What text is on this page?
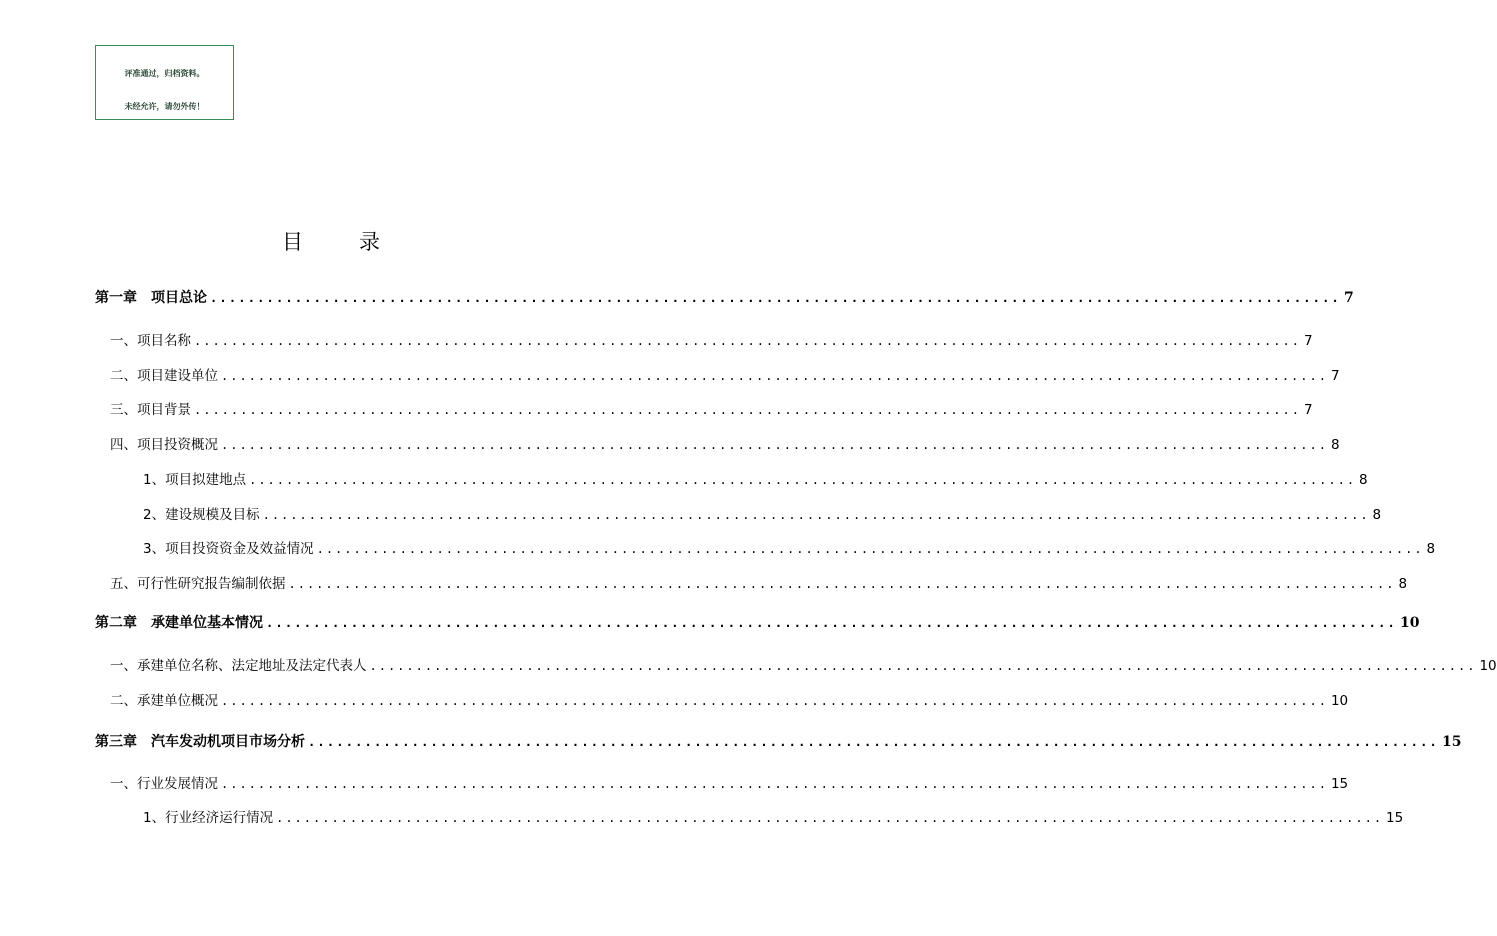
评准通过，归档资料。
未经允许，请勿外传！
目	录
第一章　项目总论 ........................................................................................................................ 7
一、项目名称 ........................................................................................................................ 7
二、项目建设单位 ........................................................................................................................ 7
三、项目背景 ........................................................................................................................ 7
四、项目投资概况 ........................................................................................................................ 8
1、项目拟建地点 ........................................................................................................................ 8
2、建设规模及目标 ........................................................................................................................ 8
3、项目投资资金及效益情况 ........................................................................................................................ 8
五、可行性研究报告编制依据 ........................................................................................................................ 8
第二章　承建单位基本情况 ........................................................................................................................ 10
一、承建单位名称、法定地址及法定代表人 ........................................................................................................................ 10
二、承建单位概况 ........................................................................................................................ 10
第三章　汽车发动机项目市场分析 ........................................................................................................................ 15
一、行业发展情况 ........................................................................................................................ 15
1、行业经济运行情况 ........................................................................................................................ 15
